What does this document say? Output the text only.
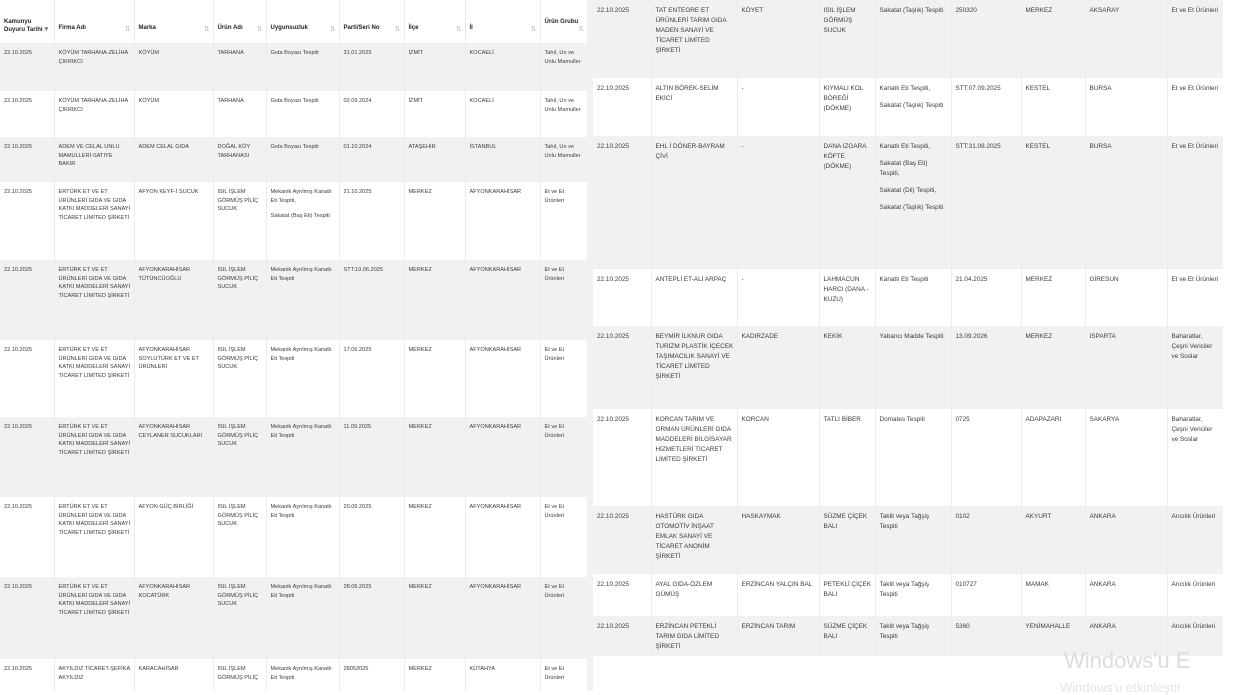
Kamunyu Duyuru Tarihi ▾	Firma Adı ⇅	Marka ⇅	Ürün Adı ⇅	Uygunsuzluk ⇅	Parti/Seri No ⇅	İlçe ⇅	İl ⇅	Ürün Grubu
⇅

22.10.2025	KÖYÜM TARHANA-ZELİHA ÇIKRIKCI	KÖYÜM	TARHANA	Gıda Boyası Tespiti	31.01.2025	İZMİT	KOCAELİ	Tahıl, Un ve Unlu Mamuller
22.10.2025	KÖYÜM TARHANA-ZELİHA ÇIKRIKCI	KÖYÜM	TARHANA	Gıda Boyası Tespiti	02.09.2024	İZMİT	KOCAELİ	Tahıl, Un ve Unlu Mamuller
22.10.2025	ADEM VE CELAL UNLU MAMULLERİ-SATIYE BAKIR	ADEM CELAL GIDA	DOĞAL KÖY TARHANASI	Gıda Boyası Tespiti	01.10.2024	ATAŞEHİR	İSTANBUL	Tahıl, Un ve Unlu Mamuller
22.10.2025	ERTÜRK ET VE ET ÜRÜNLERİ GIDA VE GIDA KATKI MADDELERİ SANAYİ TİCARET LİMİTED ŞİRKETİ	AFYON KEYF-İ SUCUK	ISIL İŞLEM GÖRMÜŞ PİLİÇ SUCUK	Mekanik Ayrılmış Kanatlı Eti Tespiti,
Sakatat (Baş Eti) Tespiti	21.10.2025	MERKEZ	AFYONKARAHİSAR	Et ve Et Ürünleri
22.10.2025	ERTÜRK ET VE ET ÜRÜNLERİ GIDA VE GIDA KATKI MADDELERİ SANAYİ TİCARET LİMİTED ŞİRKETİ	AFYONKARAHİSAR TÜTÜNCÜOĞLU	ISIL İŞLEM GÖRMÜŞ PİLİÇ SUCUK	Mekanik Ayrılmış Kanatlı Eti Tespiti	STT:19.06.2025	MERKEZ	AFYONKARAHİSAR	Et ve Et Ürünleri
22.10.2025	ERTÜRK ET VE ET ÜRÜNLERİ GIDA VE GIDA KATKI MADDELERİ SANAYİ TİCARET LİMİTED ŞİRKETİ	AFYONKARAHİSAR SOYLUTÜRK ET VE ET ÜRÜNLERİ	ISIL İŞLEM GÖRMÜŞ PİLİÇ SUCUK	Mekanik Ayrılmış Kanatlı Eti Tespiti	17.06.2025	MERKEZ	AFYONKARAHİSAR	Et ve Et Ürünleri
22.10.2025	ERTÜRK ET VE ET ÜRÜNLERİ GIDA VE GIDA KATKI MADDELERİ SANAYİ TİCARET LİMİTED ŞİRKETİ	AFYONKARAHİSAR CEYLANER SUCUKLARI	ISIL İŞLEM GÖRMÜŞ PİLİÇ SUCUK	Mekanik Ayrılmış Kanatlı Eti Tespiti	11.09.2025	MERKEZ	AFYONKARAHİSAR	Et ve Et Ürünleri
22.10.2025	ERTÜRK ET VE ET ÜRÜNLERİ GIDA VE GIDA KATKI MADDELERİ SANAYİ TİCARET LİMİTED ŞİRKETİ	AFYON GÜÇ BİRLİĞİ	ISIL İŞLEM GÖRMÜŞ PİLİÇ SUCUK	Mekanik Ayrılmış Kanatlı Eti Tespiti	20.06.2025	MERKEZ	AFYONKARAHİSAR	Et ve Et Ürünleri
22.10.2025	ERTÜRK ET VE ET ÜRÜNLERİ GIDA VE GIDA KATKI MADDELERİ SANAYİ TİCARET LİMİTED ŞİRKETİ	AFYONKARAHİSAR KOCATÜRK	ISIL İŞLEM GÖRMÜŞ PİLİÇ SUCUK	Mekanik Ayrılmış Kanatlı Eti Tespiti	28.06.2025	MERKEZ	AFYONKARAHİSAR	Et ve Et Ürünleri
22.10.2025	AKYILDIZ TİCARET-ŞEFİKA AKYILDIZ	KARACAHİSAR	ISIL İŞLEM GÖRMÜŞ PİLİÇ	Mekanik Ayrılmış Kanatlı Eti Tespiti	28052025	MERKEZ	KÜTAHYA	Et ve Et Ürünleri
22.10.2025	TAT ENTEGRE ET ÜRÜNLERİ TARIM GIDA MADEN SANAYİ VE TİCARET LİMİTED ŞİRKETİ	KÖYET	ISIL İŞLEM GÖRMÜŞ SUCUK	Sakatat (Taşlık) Tespiti	250320	MERKEZ	AKSARAY	Et ve Et Ürünleri
22.10.2025	ALTIN BÖREK-SELİM EKİCİ	-	KIYMALI KOL BÖREĞİ (DÖKME)	Kanatlı Eti Tespiti,
Sakatat (Taşlık) Tespiti	STT:07.09.2025	KESTEL	BURSA	Et ve Et Ürünleri
22.10.2025	EHL İ DÖNER-BAYRAM ÇİVİ	-	DANA IZGARA KÖFTE (DÖKME)	Kanatlı Eti Tespiti,
Sakatat (Baş Eti) Tespiti,
Sakatat (Dil) Tespiti,
Sakatat (Taşlık) Tespiti	STT:31.08.2025	KESTEL	BURSA	Et ve Et Ürünleri
22.10.2025	ANTEPLİ ET-ALİ ARPAÇ	-	LAHMACUN HARCI (DANA - KUZU)	Kanatlı Eti Tespiti	21.04.2025	MERKEZ	GİRESUN	Et ve Et Ürünleri
22.10.2025	BEYMİR İLKNUR GIDA TURİZM PLASTİK İÇECEK TAŞIMACILIK SANAYİ VE TİCARET LİMİTED ŞİRKETİ	KADIRZADE	KEKİK	Yabancı Madde Tespiti	13.09.2026	MERKEZ	ISPARTA	Baharatlar, Çeşni Vericiler ve Soslar
22.10.2025	KORCAN TARIM VE ORMAN ÜRÜNLERİ GIDA MADDELERİ BİLGİSAYAR HİZMETLERİ TİCARET LİMİTED ŞİRKETİ	KORCAN	TATLI BİBER	Domates Tespiti	0725	ADAPAZARI	SAKARYA	Baharatlar, Çeşni Vericiler ve Soslar
22.10.2025	HASTÜRK GIDA OTOMOTİV İNŞAAT EMLAK SANAYİ VE TİCARET ANONİM ŞİRKETİ	HASKAYMAK	SÜZME ÇİÇEK BALI	Taklit veya Tağşiş Tespiti	0102	AKYURT	ANKARA	Arıcılık Ürünleri
22.10.2025	AYAL GIDA-ÖZLEM GÜMÜŞ	ERZİNCAN YALÇIN BAL	PETEKLİ ÇİÇEK BALI	Taklit veya Tağşiş Tespiti	010727	MAMAK	ANKARA	Arıcılık Ürünleri
22.10.2025	ERZİNCAN PETEKLİ TARIM GIDA LİMİTED ŞİRKETİ	ERZİNCAN TARIM	SÜZME ÇİÇEK BALI	Taklit veya Tağşiş Tespiti	5360	YENİMAHALLE	ANKARA	Arıcılık Ürünleri
Windows'u E
Windows'u etkinleştir
